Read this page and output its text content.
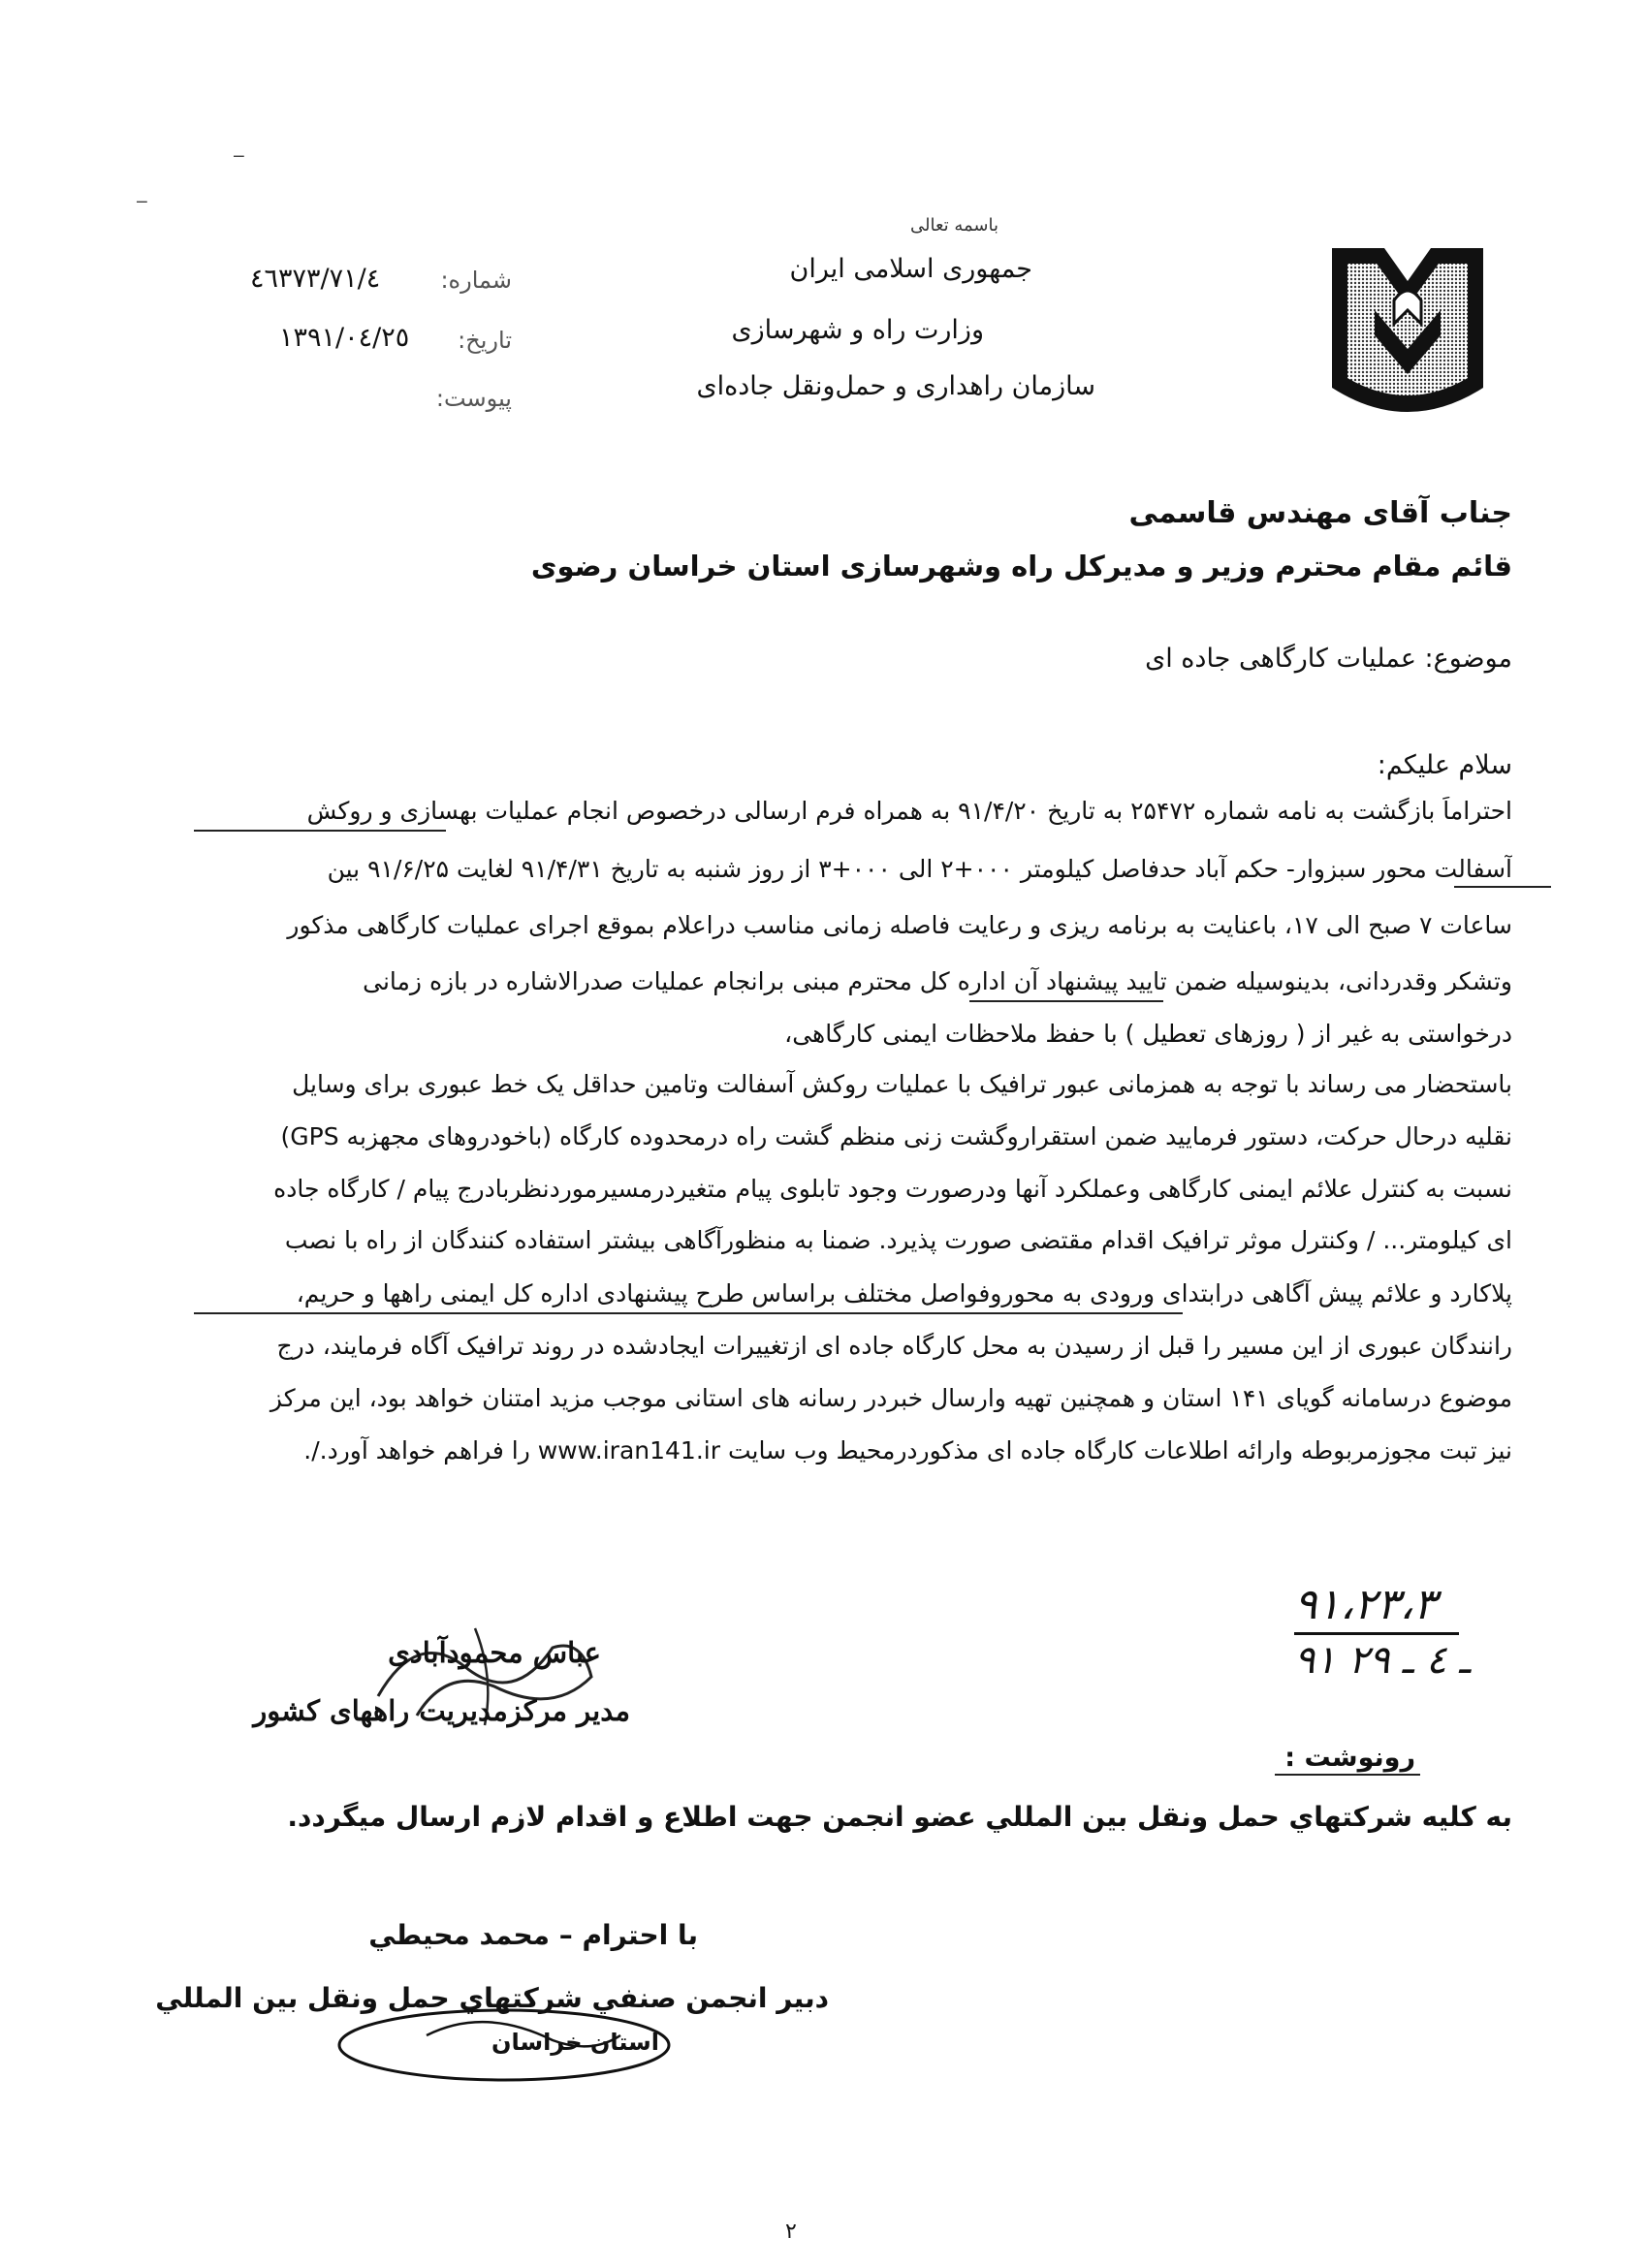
باسمه تعالی
جمهوری اسلامی ایران
وزارت راه و شهرسازی
سازمان راهداری و حمل‌ونقل جاده‌ای
شماره:
٤٦٣٧٣/٧١/٤
تاریخ:
١٣٩١/٠٤/٢٥
پیوست:
‒
‒
جناب آقای مهندس قاسمی
قائم مقام محترم وزیر و مدیرکل راه وشهرسازی استان خراسان رضوی
موضوع: عملیات کارگاهی جاده ای
سلام علیکم:
احتراماً بازگشت به نامه شماره ۲۵۴۷۲ به تاریخ ۹۱/۴/۲۰ به همراه فرم ارسالی درخصوص انجام عملیات بهسازی و روکش
آسفالت محور سبزوار- حکم آباد حدفاصل کیلومتر ۰۰۰+۲ الی ۰۰۰+۳ از روز شنبه به تاریخ ۹۱/۴/۳۱ لغایت ۹۱/۶/۲۵ بین
ساعات ۷ صبح الی ۱۷، باعنایت به برنامه ریزی و رعایت فاصله زمانی مناسب دراعلام بموقع اجرای عملیات کارگاهی مذکور
وتشکر وقدردانی، بدینوسیله ضمن تایید پیشنهاد آن اداره کل محترم مبنی برانجام عملیات صدرالاشاره در بازه زمانی
درخواستی به غیر از ( روزهای تعطیل ) با حفظ ملاحظات ایمنی کارگاهی،
باستحضار می رساند با توجه به همزمانی عبور ترافیک با عملیات روکش آسفالت وتامین حداقل یک خط عبوری برای وسایل
نقلیه درحال حرکت، دستور فرمایید ضمن استقراروگشت زنی منظم گشت راه درمحدوده کارگاه (باخودروهای مجهزبه GPS)
نسبت به کنترل علائم ایمنی کارگاهی وعملکرد آنها ودرصورت وجود تابلوی پیام متغیردرمسیرموردنظربادرج پیام / کارگاه جاده
ای کیلومتر... / وکنترل موثر ترافیک اقدام مقتضی صورت پذیرد. ضمنا به منظورآگاهی بیشتر استفاده کنندگان از راه با نصب
پلاکارد و علائم پیش آگاهی درابتدای ورودی به محوروفواصل مختلف براساس طرح پیشنهادی اداره کل ایمنی راهها و حریم،
رانندگان عبوری از این مسیر را قبل از رسیدن به محل کارگاه جاده ای ازتغییرات ایجادشده در روند ترافیک آگاه فرمایند، درج
موضوع درسامانه گویای ۱۴۱ استان و همچنین تهیه وارسال خبردر رسانه های استانی موجب مزید امتنان خواهد بود، این مرکز
نیز تبت مجوزمربوطه وارائه اطلاعات کارگاه جاده ای مذکوردرمحیط وب سایت www.iran141.ir را فراهم خواهد آورد./.
۹۱،۲۳،۳
۹۱ ـ ٤ ـ ۲۹
عباس محمودآبادی
مدیر مرکزمدیریت راههای کشور
رونوشت :
به كليه شركتهاي حمل ونقل بين المللي عضو انجمن جهت اطلاع و اقدام لازم ارسال ميگردد.
با احترام – محمد محيطي
دبير انجمن صنفي شركتهاي حمل ونقل بين المللي
استان خراسان
۲
